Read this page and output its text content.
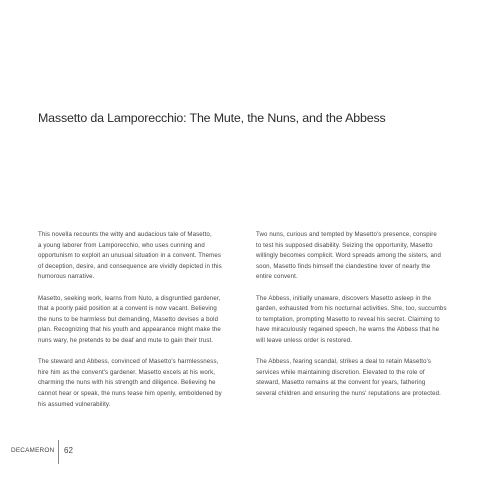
Massetto da Lamporecchio: The Mute, the Nuns, and the Abbess

This novella recounts the witty and audacious tale of Masetto,
a young laborer from Lamporecchio, who uses cunning and
opportunism to exploit an unusual situation in a convent. Themes
of deception, desire, and consequence are vividly depicted in this
humorous narrative.

Masetto, seeking work, learns from Nuto, a disgruntled gardener,
that a poorly paid position at a convent is now vacant. Believing
the nuns to be harmless but demanding, Masetto devises a bold
plan. Recognizing that his youth and appearance might make the
nuns wary, he pretends to be deaf and mute to gain their trust.

The steward and Abbess, convinced of Masetto's harmlessness,
hire him as the convent's gardener. Masetto excels at his work,
charming the nuns with his strength and diligence. Believing he
cannot hear or speak, the nuns tease him openly, emboldened by
his assumed vulnerability.

Two nuns, curious and tempted by Masetto's presence, conspire
to test his supposed disability. Seizing the opportunity, Masetto
willingly becomes complicit. Word spreads among the sisters, and
soon, Masetto finds himself the clandestine lover of nearly the
entire convent.

The Abbess, initially unaware, discovers Masetto asleep in the
garden, exhausted from his nocturnal activities. She, too, succumbs
to temptation, prompting Masetto to reveal his secret. Claiming to
have miraculously regained speech, he warns the Abbess that he
will leave unless order is restored.

The Abbess, fearing scandal, strikes a deal to retain Masetto's
services while maintaining discretion. Elevated to the role of
steward, Masetto remains at the convent for years, fathering
several children and ensuring the nuns' reputations are protected.

DECAMERON 62
